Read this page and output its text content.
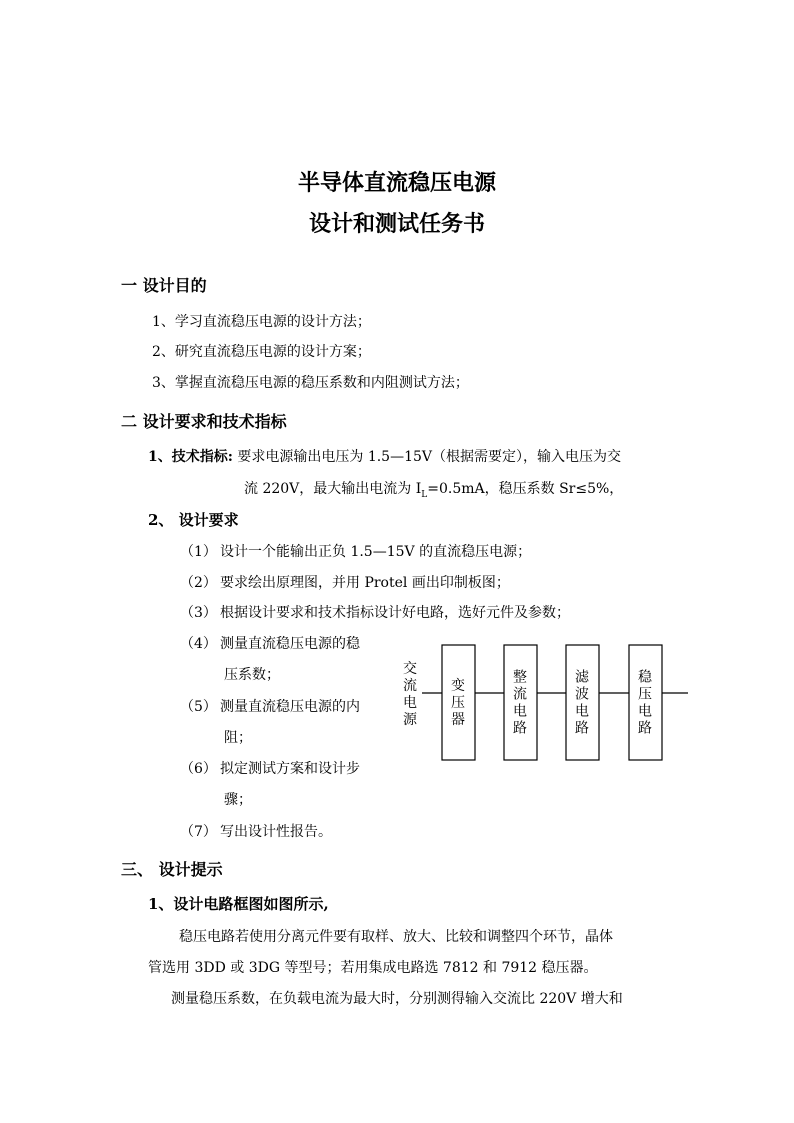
半导体直流稳压电源
设计和测试任务书
一 设计目的
1、学习直流稳压电源的设计方法；
2、研究直流稳压电源的设计方案；
3、掌握直流稳压电源的稳压系数和内阻测试方法；
二 设计要求和技术指标
1、技术指标: 要求电源输出电压为 1.5—15V（根据需要定），输入电压为交
流 220V，最大输出电流为 $I_L=0.5mA$，稳压系数 Sr≤5%，
2、 设计要求
（1） 设计一个能输出正负 1.5—15V 的直流稳压电源；
（2） 要求绘出原理图，并用 Protel 画出印制板图；
（3） 根据设计要求和技术指标设计好电路，选好元件及参数；
（4） 测量直流稳压电源的稳
压系数；
（5） 测量直流稳压电源的内
阻；
（6） 拟定测试方案和设计步
骤；
（7） 写出设计性报告。
交流电源
变压器
整流电路
滤波电路
稳压电路
三、 设计提示
1、设计电路框图如图所示,
稳压电路若使用分离元件要有取样、放大、比较和调整四个环节，晶体
管选用 3DD 或 3DG 等型号；若用集成电路选 7812 和 7912 稳压器。
测量稳压系数，在负载电流为最大时，分别测得输入交流比 220V 增大和
